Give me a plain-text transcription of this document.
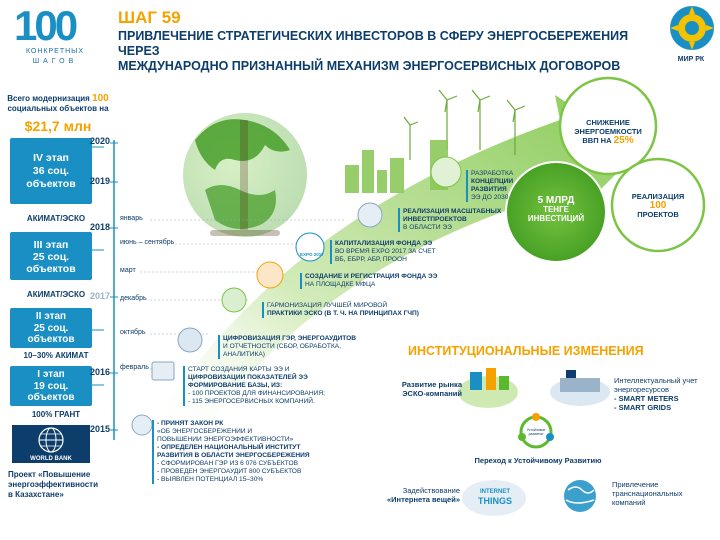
100
КОНКРЕТНЫХ
ШАГОВ
ШАГ 59
ПРИВЛЕЧЕНИЕ СТРАТЕГИЧЕСКИХ ИНВЕСТОРОВ В СФЕРУ ЭНЕРГОСБЕРЕЖЕНИЯ ЧЕРЕЗ
МЕЖДУНАРОДНО ПРИЗНАННЫЙ МЕХАНИЗМ ЭНЕРГОСЕРВИСНЫХ ДОГОВОРОВ	МИР РК
Всего модернизация 100
социальных объектов на
$21,7 млн
IV этап
36 соц.
объектов
АКИМАТ/ЭСКО
III этап
25 соц.
объектов
АКИМАТ/ЭСКО
II этап
25 соц.
объектов
10–30% АКИМАТ
I этап
19 соц.
объектов
100% ГРАНТ
WORLD BANK
Проект «Повышение
энергоэффективности
в Казахстане»
2020
2019
2018
2017
2016
2015
январь
июнь – сентябрь
март
декабрь
октябрь
февраль
- ПРИНЯТ ЗАКОН РК
«ОБ ЭНЕРГОСБЕРЕЖЕНИИ И
ПОВЫШЕНИИ ЭНЕРГОЭФФЕКТИВНОСТИ»
- ОПРЕДЕЛЕН НАЦИОНАЛЬНЫЙ ИНСТИТУТ
РАЗВИТИЯ В ОБЛАСТИ ЭНЕРГОСБЕРЕЖЕНИЯ
- СФОРМИРОВАН ГЭР ИЗ 6 076 СУБЪЕКТОВ
- ПРОВЕДЕН ЭНЕРГОАУДИТ 800 СУБЪЕКТОВ
- ВЫЯВЛЕН ПОТЕНЦИАЛ 15–30%
СТАРТ СОЗДАНИЯ КАРТЫ ЭЭ И
ЦИФРОВИЗАЦИИ ПОКАЗАТЕЛЕЙ ЭЭ
ФОРМИРОВАНИЕ БАЗЫ, ИЗ:
- 100 ПРОЕКТОВ ДЛЯ ФИНАНСИРОВАНИЯ;
- 115 ЭНЕРГОСЕРВИСНЫХ КОМПАНИЙ.
ЦИФРОВИЗАЦИЯ ГЭР, ЭНЕРГОАУДИТОВ
И ОТЧЕТНОСТИ (СБОР, ОБРАБОТКА,
АНАЛИТИКА)
ГАРМОНИЗАЦИЯ ЛУЧШЕЙ МИРОВОЙ
ПРАКТИКИ ЭСКО (В Т. Ч. НА ПРИНЦИПАХ ГЧП)
СОЗДАНИЕ И РЕГИСТРАЦИЯ ФОНДА ЭЭ
НА ПЛОЩАДКЕ МФЦА
EXPO 2017
КАПИТАЛИЗАЦИЯ ФОНДА ЭЭ
ВО ВРЕМЯ EXPO 2017 ЗА СЧЕТ
ВБ, ЕБРР, АБР, ПРООН
РЕАЛИЗАЦИЯ МАСШТАБНЫХ
ИНВЕСТПРОЕКТОВ
В ОБЛАСТИ ЭЭ
РАЗРАБОТКА
КОНЦЕПЦИИ
РАЗВИТИЯ
ЭЭ ДО 2030
СНИЖЕНИЕ
ЭНЕРГОЕМКОСТИ
ВВП НА 25%
5 МЛРД
ТЕНГЕ
ИНВЕСТИЦИЙ
РЕАЛИЗАЦИЯ
100
ПРОЕКТОВ
ИНСТИТУЦИОНАЛЬНЫЕ ИЗМЕНЕНИЯ
Развитие рынка
ЭСКО-компаний
Интеллектуальный учет
энергоресурсов
- SMART METERS
- SMART GRIDS
Переход к Устойчивому Развитию
Устойчивое развитие
Задействование
«Интернета вещей»
INTERNET
THINGS
Привлечение
транснациональных
компаний
